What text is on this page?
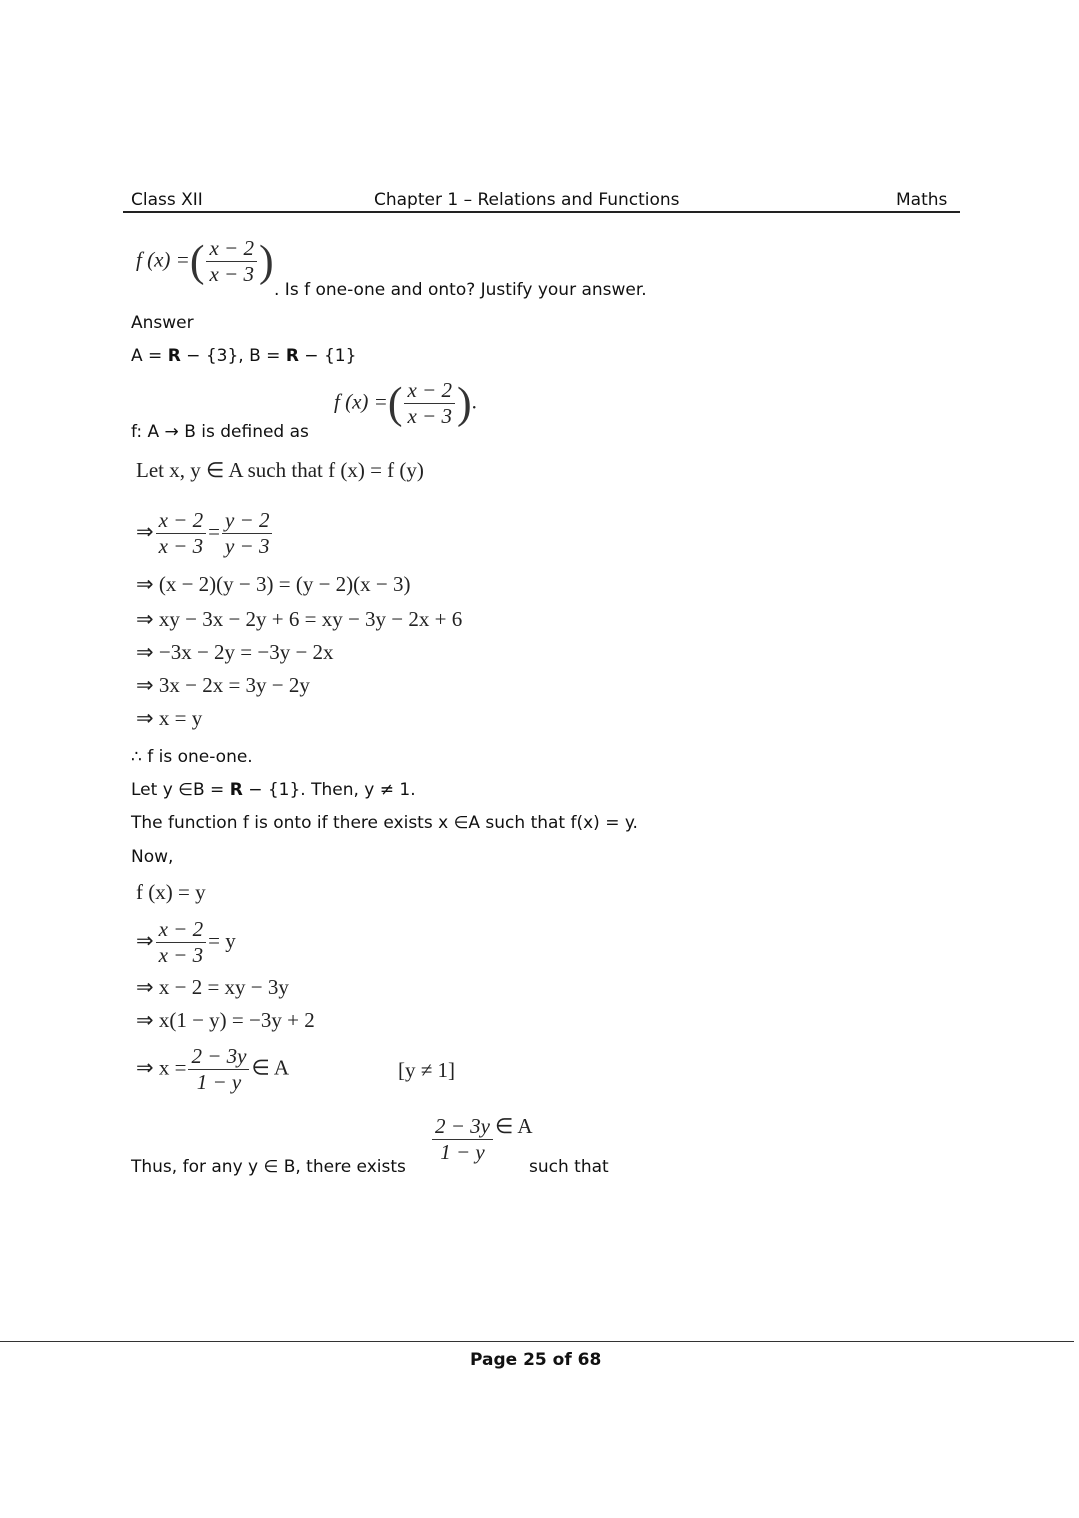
Class XII	Chapter 1 – Relations and Functions	Maths
f (x) =( $\frac{x - 2}{x - 3}$ )
. Is f one-one and onto? Justify your answer.
Answer
A = R − {3}, B = R − {1}
f: A → B is defined as
f (x) =( $\frac{x - 2}{x - 3}$ ).
Let x, y ∈ A such that f (x) = f (y)
⇒ $\frac{x - 2}{x - 3} = \frac{y - 2}{y - 3}$
⇒ (x − 2)(y − 3) = (y − 2)(x − 3)
⇒ xy − 3x − 2y + 6 = xy − 3y − 2x + 6
⇒ −3x − 2y = −3y − 2x
⇒ 3x − 2x = 3y − 2y
⇒ x = y
∴ f is one-one.
Let y ∈B = R − {1}. Then, y ≠ 1.
The function f is onto if there exists x ∈A such that f(x) = y.
Now,
f (x) = y
⇒ $\frac{x - 2}{x - 3} = y$
⇒ x − 2 = xy − 3y
⇒ x(1 − y) = −3y + 2
⇒ $x = \frac{2 - 3y}{1 - y}$ ∈ A	[y ≠ 1]
Thus, for any y ∈ B, there exists
$\frac{2 - 3y}{1 - y}$ ∈ A
such that
Page 25 of 68
